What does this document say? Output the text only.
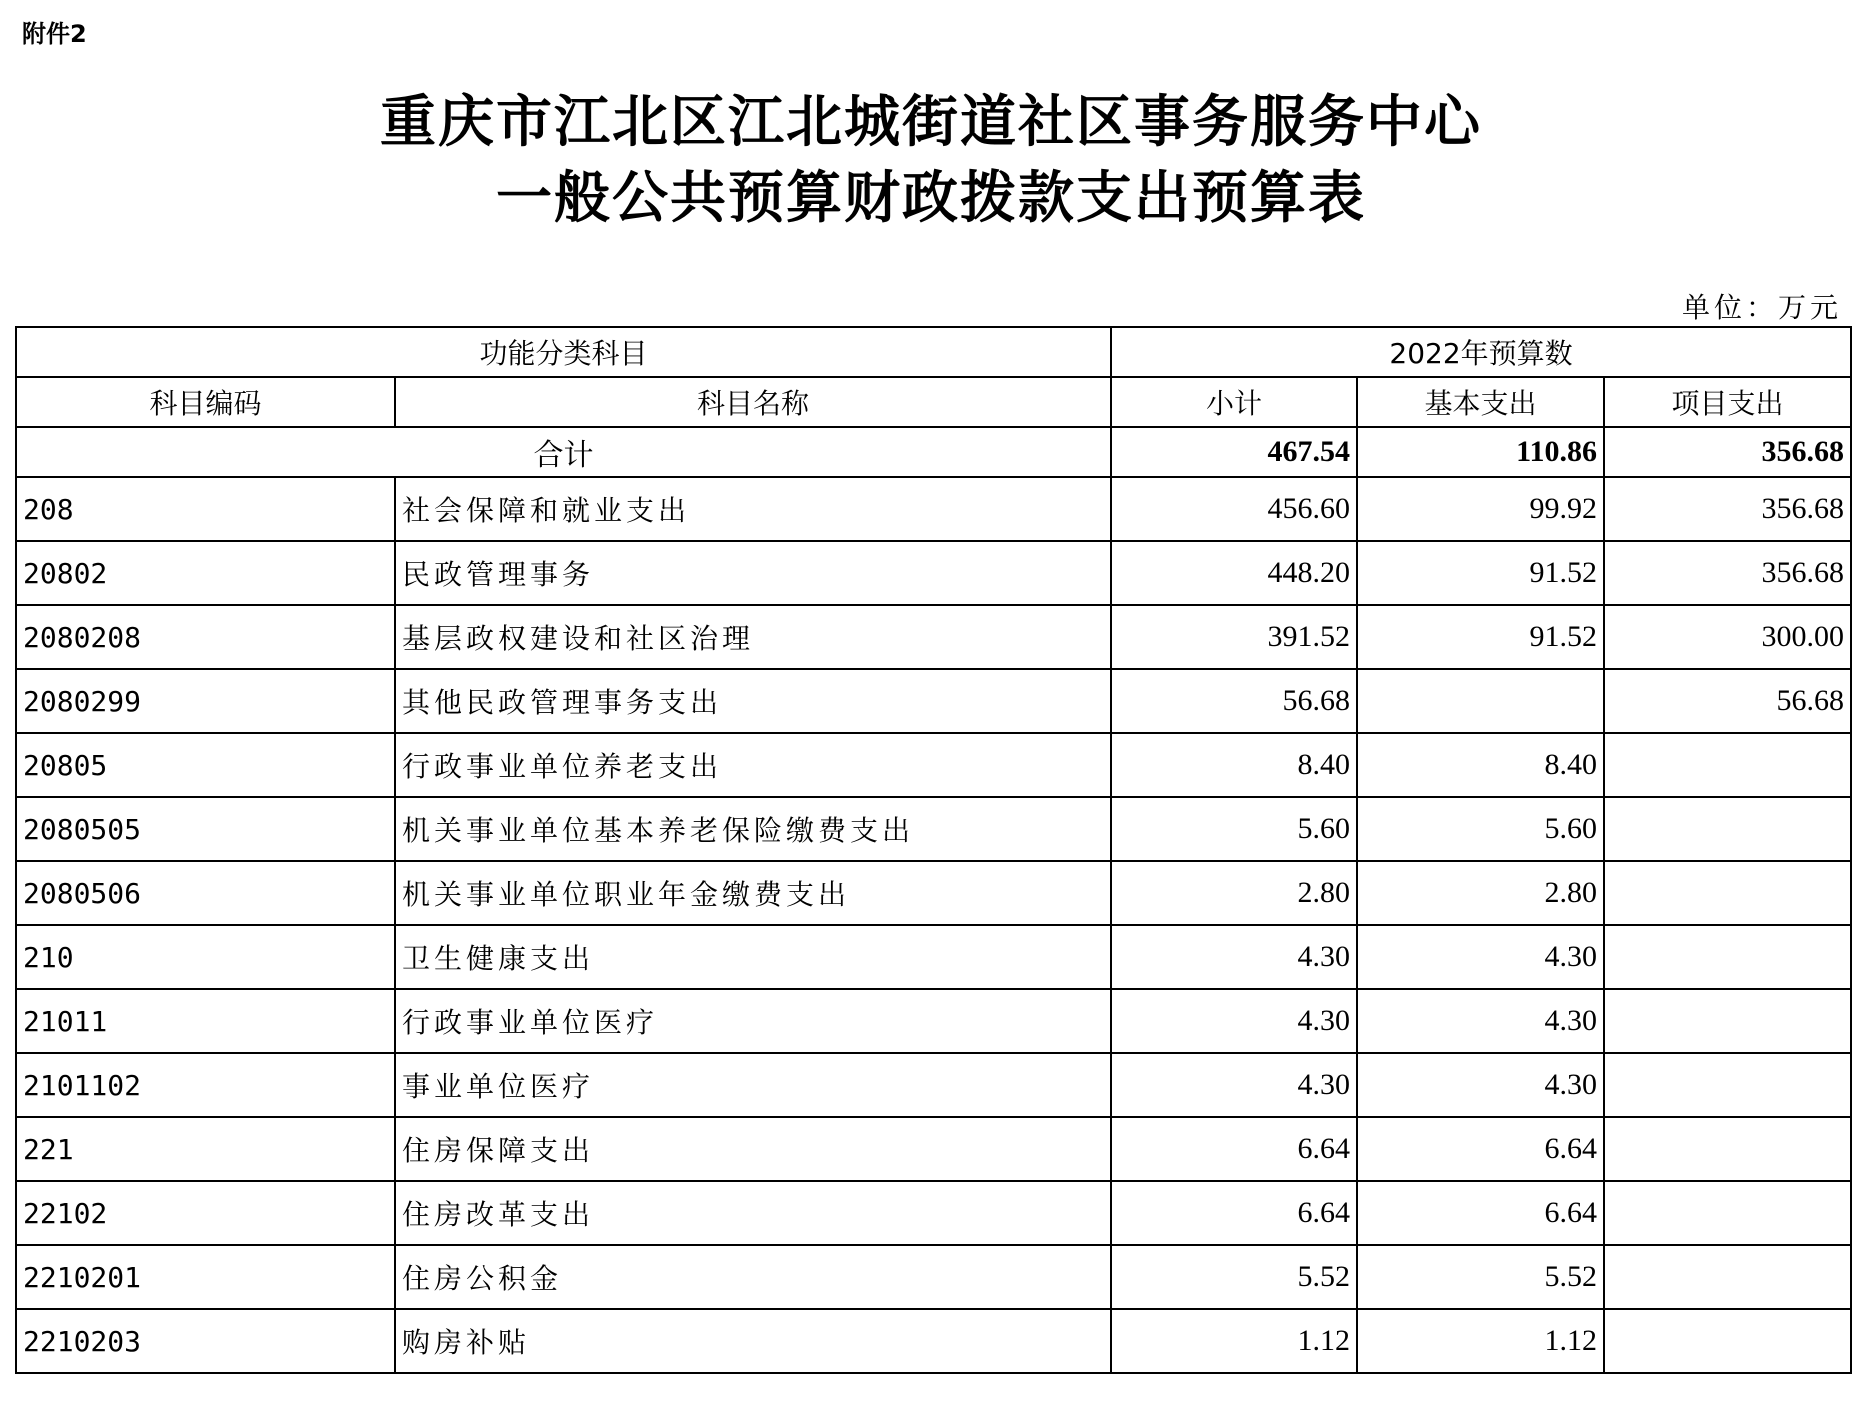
附件2
重庆市江北区江北城街道社区事务服务中心
一般公共预算财政拨款支出预算表
单位：万元
功能分类科目		2022年预算数		
科目编码	科目名称	小计	基本支出	项目支出
合计		467.54	110.86	356.68
208	社会保障和就业支出	456.60	99.92	356.68
20802	民政管理事务	448.20	91.52	356.68
2080208	基层政权建设和社区治理	391.52	91.52	300.00
2080299	其他民政管理事务支出	56.68		56.68
20805	行政事业单位养老支出	8.40	8.40	
2080505	机关事业单位基本养老保险缴费支出	5.60	5.60	
2080506	机关事业单位职业年金缴费支出	2.80	2.80	
210	卫生健康支出	4.30	4.30	
21011	行政事业单位医疗	4.30	4.30	
2101102	事业单位医疗	4.30	4.30	
221	住房保障支出	6.64	6.64	
22102	住房改革支出	6.64	6.64	
2210201	住房公积金	5.52	5.52	
2210203	购房补贴	1.12	1.12	
